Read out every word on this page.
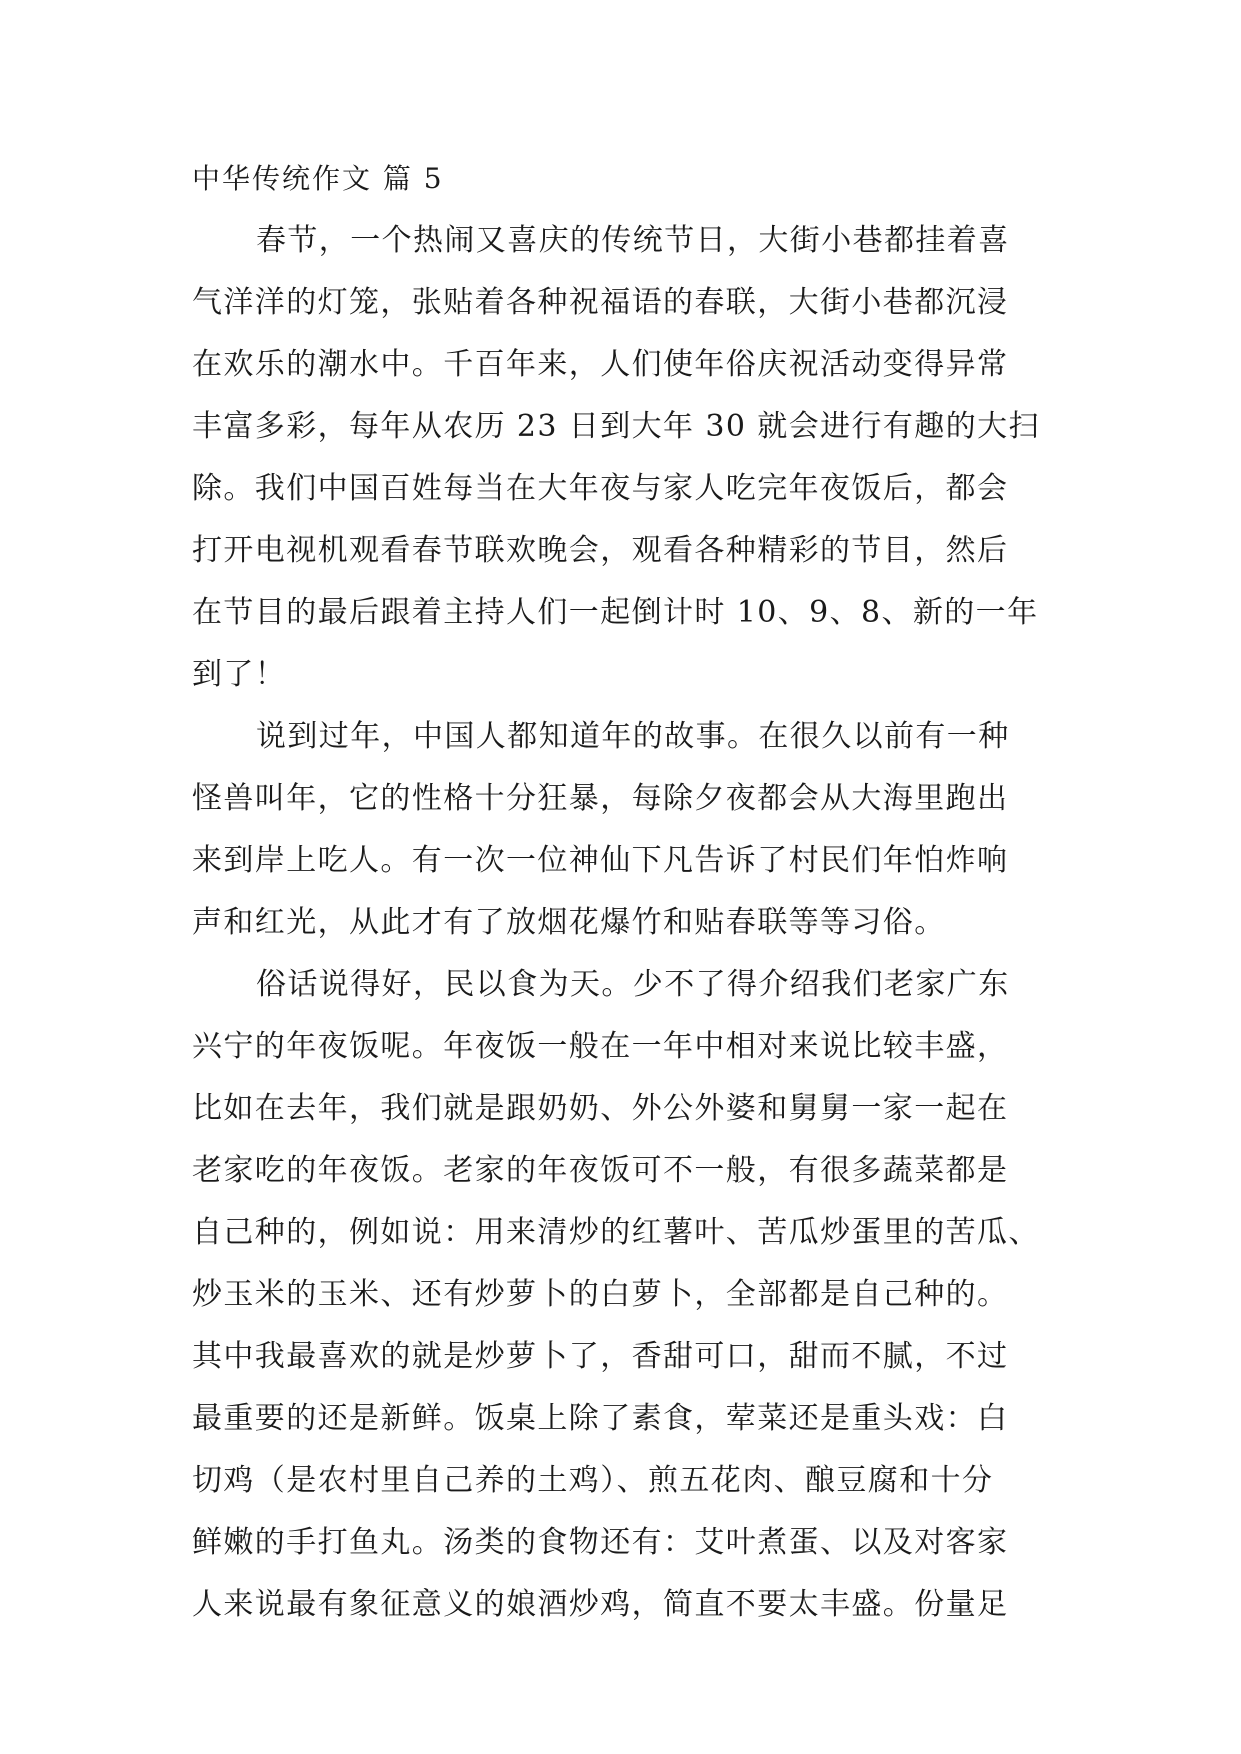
中华传统作文 篇 5
春节，一个热闹又喜庆的传统节日，大街小巷都挂着喜
气洋洋的灯笼，张贴着各种祝福语的春联，大街小巷都沉浸
在欢乐的潮水中。千百年来，人们使年俗庆祝活动变得异常
丰富多彩，每年从农历 23 日到大年 30 就会进行有趣的大扫
除。我们中国百姓每当在大年夜与家人吃完年夜饭后，都会
打开电视机观看春节联欢晚会，观看各种精彩的节目，然后
在节目的最后跟着主持人们一起倒计时 10、9、8、新的一年
到了！
说到过年，中国人都知道年的故事。在很久以前有一种
怪兽叫年，它的性格十分狂暴，每除夕夜都会从大海里跑出
来到岸上吃人。有一次一位神仙下凡告诉了村民们年怕炸响
声和红光，从此才有了放烟花爆竹和贴春联等等习俗。
俗话说得好，民以食为天。少不了得介绍我们老家广东
兴宁的年夜饭呢。年夜饭一般在一年中相对来说比较丰盛，
比如在去年，我们就是跟奶奶、外公外婆和舅舅一家一起在
老家吃的年夜饭。老家的年夜饭可不一般，有很多蔬菜都是
自己种的，例如说：用来清炒的红薯叶、苦瓜炒蛋里的苦瓜、
炒玉米的玉米、还有炒萝卜的白萝卜，全部都是自己种的。
其中我最喜欢的就是炒萝卜了，香甜可口，甜而不腻，不过
最重要的还是新鲜。饭桌上除了素食，荤菜还是重头戏：白
切鸡（是农村里自己养的土鸡）、煎五花肉、酿豆腐和十分
鲜嫩的手打鱼丸。汤类的食物还有：艾叶煮蛋、以及对客家
人来说最有象征意义的娘酒炒鸡，简直不要太丰盛。份量足
